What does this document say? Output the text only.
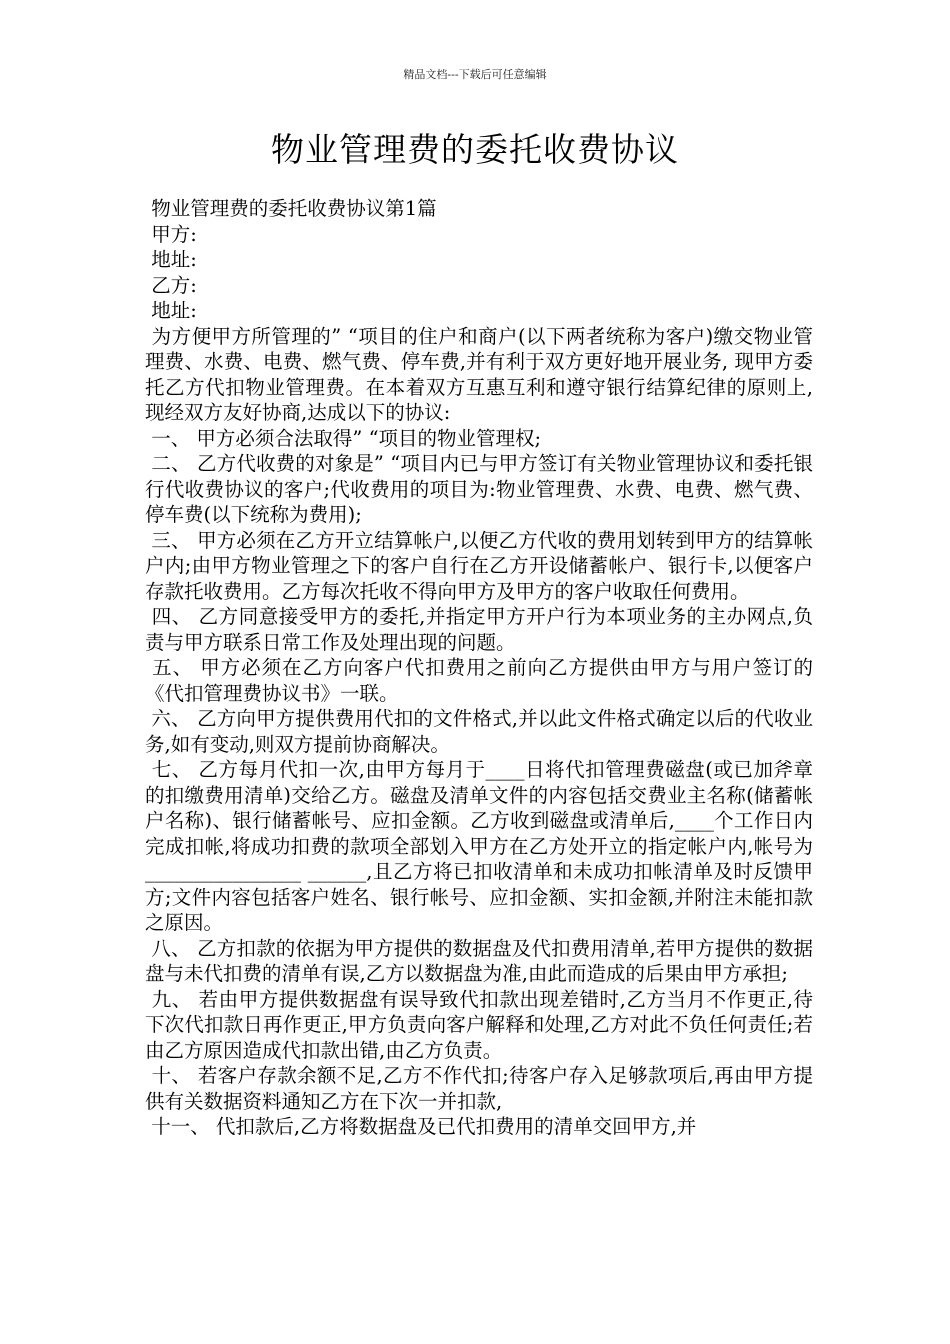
精品文档---下载后可任意编辑
物业管理费的委托收费协议
物业管理费的委托收费协议第1篇
甲方:
地址:
乙方:
地址:

为方便甲方所管理的” “项目的住户和商户(以下两者统称为客户)缴交物业管理费、水费、电费、燃气费、停车费,并有利于双方更好地开展业务, 现甲方委托乙方代扣物业管理费。在本着双方互惠互利和遵守银行结算纪律的原则上,现经双方友好协商,达成以下的协议:

一、 甲方必须合法取得” “项目的物业管理权;

二、 乙方代收费的对象是” “项目内已与甲方签订有关物业管理协议和委托银行代收费协议的客户;代收费用的项目为:物业管理费、水费、电费、燃气费、停车费(以下统称为费用);

三、 甲方必须在乙方开立结算帐户,以便乙方代收的费用划转到甲方的结算帐户内;由甲方物业管理之下的客户自行在乙方开设储蓄帐户、银行卡,以便客户存款托收费用。乙方每次托收不得向甲方及甲方的客户收取任何费用。

四、 乙方同意接受甲方的委托,并指定甲方开户行为本项业务的主办网点,负责与甲方联系日常工作及处理出现的问题。

五、 甲方必须在乙方向客户代扣费用之前向乙方提供由甲方与用户签订的《代扣管理费协议书》一联。

六、 乙方向甲方提供费用代扣的文件格式,并以此文件格式确定以后的代收业务,如有变动,则双方提前协商解决。

七、 乙方每月代扣一次,由甲方每月于____日将代扣管理费磁盘(或已加斧章的扣缴费用清单)交给乙方。磁盘及清单文件的内容包括交费业主名称(储蓄帐户名称)、银行储蓄帐号、应扣金额。乙方收到磁盘或清单后,____个工作日内完成扣帐,将成功扣费的款项全部划入甲方在乙方处开立的指定帐户内,帐号为________________ ______,且乙方将已扣收清单和未成功扣帐清单及时反馈甲方;文件内容包括客户姓名、银行帐号、应扣金额、实扣金额,并附注未能扣款之原因。

八、 乙方扣款的依据为甲方提供的数据盘及代扣费用清单,若甲方提供的数据盘与未代扣费的清单有误,乙方以数据盘为准,由此而造成的后果由甲方承担;

九、 若由甲方提供数据盘有误导致代扣款出现差错时,乙方当月不作更正,待下次代扣款日再作更正,甲方负责向客户解释和处理,乙方对此不负任何责任;若由乙方原因造成代扣款出错,由乙方负责。

十、 若客户存款余额不足,乙方不作代扣;待客户存入足够款项后,再由甲方提供有关数据资料通知乙方在下次一并扣款,

十一、 代扣款后,乙方将数据盘及已代扣费用的清单交回甲方,并
